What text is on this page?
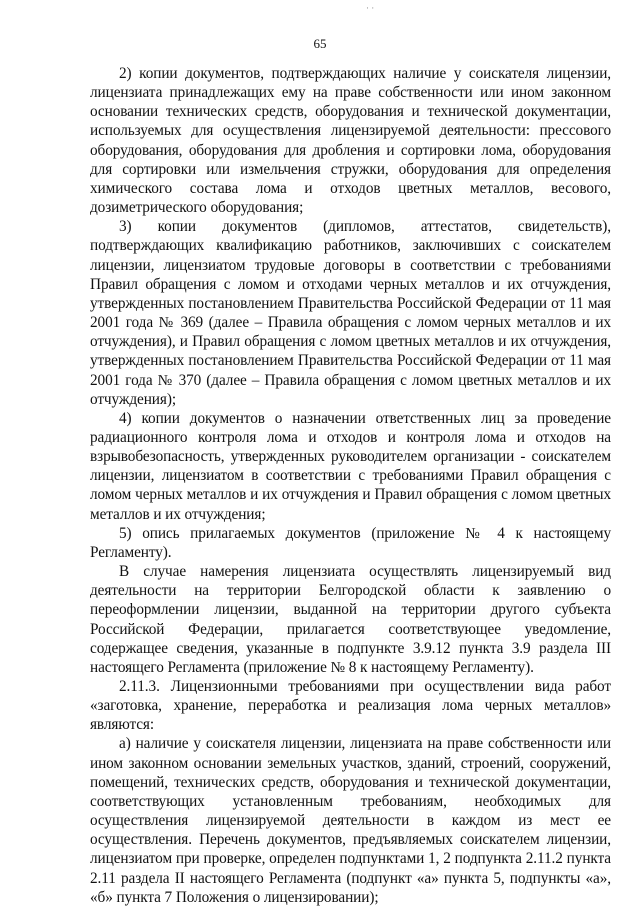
· ·
65

2) копии документов, подтверждающих наличие у соискателя лицензии, лицензиата принадлежащих ему на праве собственности или ином законном основании технических средств, оборудования и технической документации, используемых для осуществления лицензируемой деятельности: прессового оборудования, оборудования для дробления и сортировки лома, оборудования для сортировки или измельчения стружки, оборудования для определения химического состава лома и отходов цветных металлов, весового, дозиметрического оборудования;

3) копии документов (дипломов, аттестатов, свидетельств), подтверждающих квалификацию работников, заключивших с соискателем лицензии, лицензиатом трудовые договоры в соответствии с требованиями Правил обращения с ломом и отходами черных металлов и их отчуждения, утвержденных постановлением Правительства Российской Федерации от 11 мая 2001 года № 369 (далее – Правила обращения с ломом черных металлов и их отчуждения), и Правил обращения с ломом цветных металлов и их отчуждения, утвержденных постановлением Правительства Российской Федерации от 11 мая 2001 года № 370 (далее – Правила обращения с ломом цветных металлов и их отчуждения);

4) копии документов о назначении ответственных лиц за проведение радиационного контроля лома и отходов и контроля лома и отходов на взрывобезопасность, утвержденных руководителем организации - соискателем лицензии, лицензиатом в соответствии с требованиями Правил обращения с ломом черных металлов и их отчуждения и Правил обращения с ломом цветных металлов и их отчуждения;

5) опись прилагаемых документов (приложение № 4 к настоящему Регламенту).

В случае намерения лицензиата осуществлять лицензируемый вид деятельности на территории Белгородской области к заявлению о переоформлении лицензии, выданной на территории другого субъекта Российской Федерации, прилагается соответствующее уведомление, содержащее сведения, указанные в подпункте 3.9.12 пункта 3.9 раздела III настоящего Регламента (приложение № 8 к настоящему Регламенту).

2.11.3. Лицензионными требованиями при осуществлении вида работ «заготовка, хранение, переработка и реализация лома черных металлов» являются:

а) наличие у соискателя лицензии, лицензиата на праве собственности или ином законном основании земельных участков, зданий, строений, сооружений, помещений, технических средств, оборудования и технической документации, соответствующих установленным требованиям, необходимых для осуществления лицензируемой деятельности в каждом из мест ее осуществления. Перечень документов, предъявляемых соискателем лицензии, лицензиатом при проверке, определен подпунктами 1, 2 подпункта 2.11.2 пункта 2.11 раздела II настоящего Регламента (подпункт «а» пункта 5, подпункты «а», «б» пункта 7 Положения о лицензировании);
